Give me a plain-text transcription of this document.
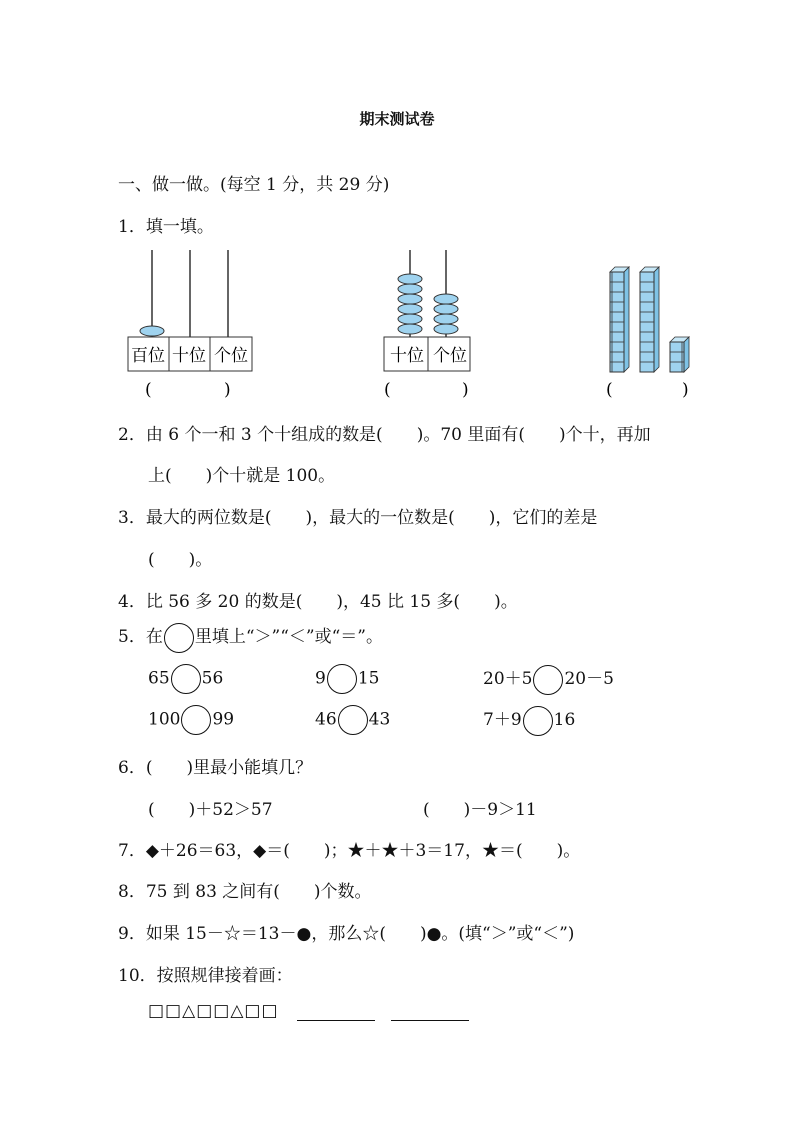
期末测试卷
一、做一做。(每空 1 分，共 29 分)
1．填一填。
百位 十位 个位
(	)
十位 个位
(	)	(	)
2．由 6 个一和 3 个十组成的数是(　　)。70 里面有(　　)个十，再加
上(　　)个十就是 100。
3．最大的两位数是(　　)，最大的一位数是(　　)，它们的差是
(　　)。
4．比 56 多 20 的数是(　　)，45 比 15 多(　　)。
5．在 里填上“＞”“＜”或“＝”。
65 56	9 15	20＋5 20－5
100 99	46 43	7＋9 16
6．(　　)里最小能填几？
(　　)＋52＞57	(　　)－9＞11
7．◆＋26＝63，◆＝(　　)；★＋★＋3＝17，★＝(　　)。
8．75 到 83 之间有(　　)个数。
9．如果 15－☆＝13－●，那么☆(　　)●。(填“＞”或“＜”)
10．按照规律接着画：
□□△□□△□□
